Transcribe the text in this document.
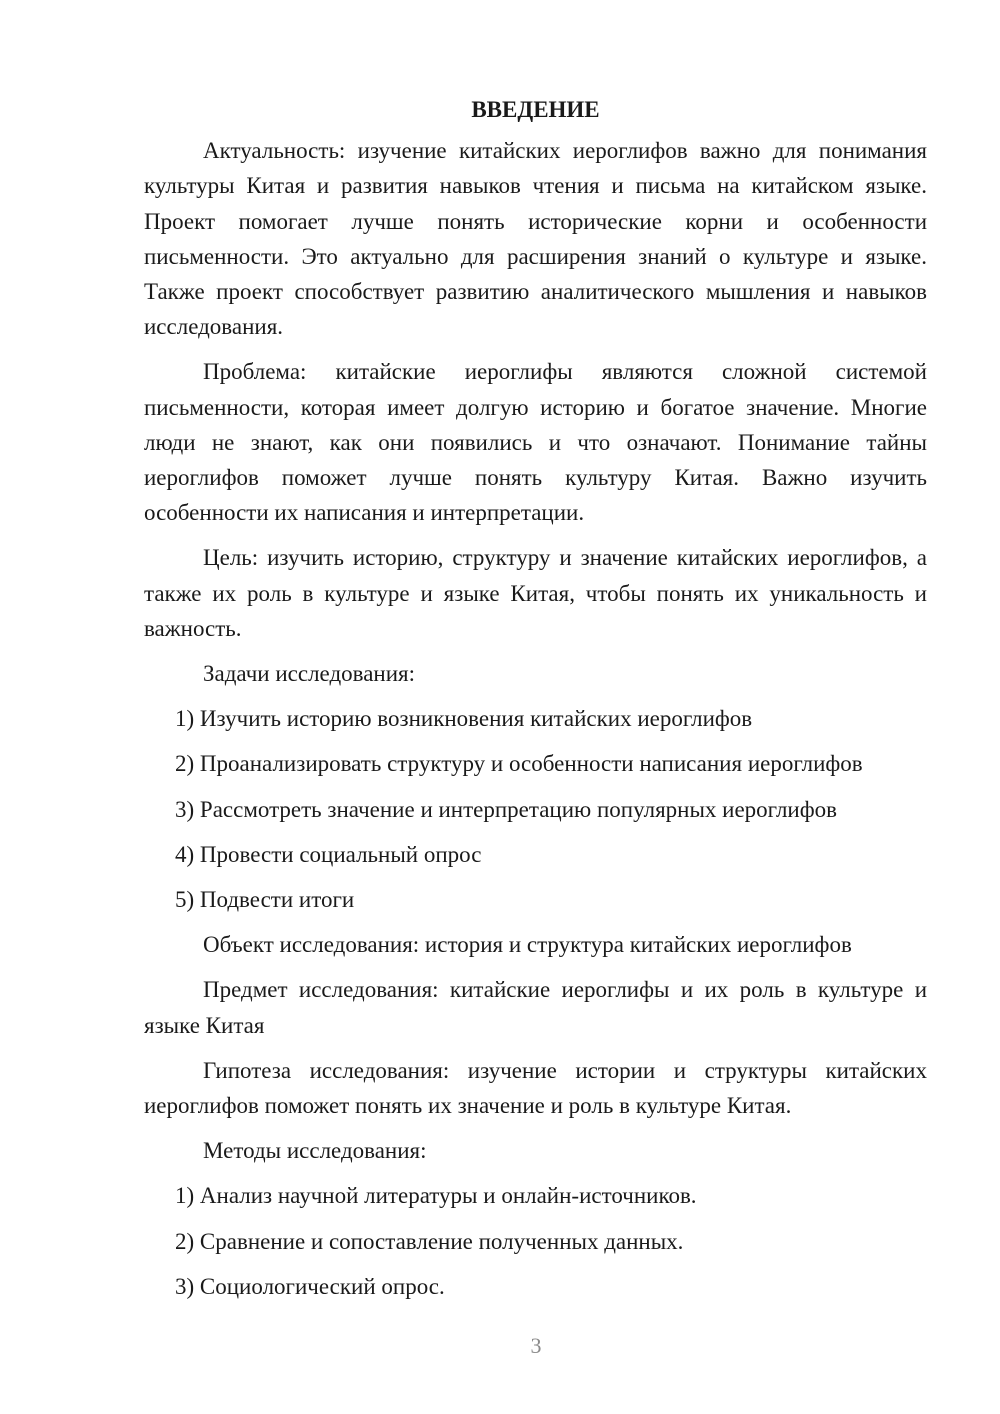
ВВЕДЕНИЕ

Актуальность: изучение китайских иероглифов важно для понимания культуры Китая и развития навыков чтения и письма на китайском языке. Проект помогает лучше понять исторические корни и особенности письменности. Это актуально для расширения знаний о культуре и языке. Также проект способствует развитию аналитического мышления и навыков исследования.

Проблема: китайские иероглифы являются сложной системой письменности, которая имеет долгую историю и богатое значение. Многие люди не знают, как они появились и что означают. Понимание тайны иероглифов поможет лучше понять культуру Китая. Важно изучить особенности их написания и интерпретации.

Цель: изучить историю, структуру и значение китайских иероглифов, а также их роль в культуре и языке Китая, чтобы понять их уникальность и важность.

Задачи исследования:

1) Изучить историю возникновения китайских иероглифов

2) Проанализировать структуру и особенности написания иероглифов

3) Рассмотреть значение и интерпретацию популярных иероглифов

4) Провести социальный опрос

5) Подвести итоги

Объект исследования: история и структура китайских иероглифов

Предмет исследования: китайские иероглифы и их роль в культуре и языке Китая

Гипотеза исследования: изучение истории и структуры китайских иероглифов поможет понять их значение и роль в культуре Китая.

Методы исследования:

1) Анализ научной литературы и онлайн-источников.

2) Сравнение и сопоставление полученных данных.

3) Социологический опрос.

3
